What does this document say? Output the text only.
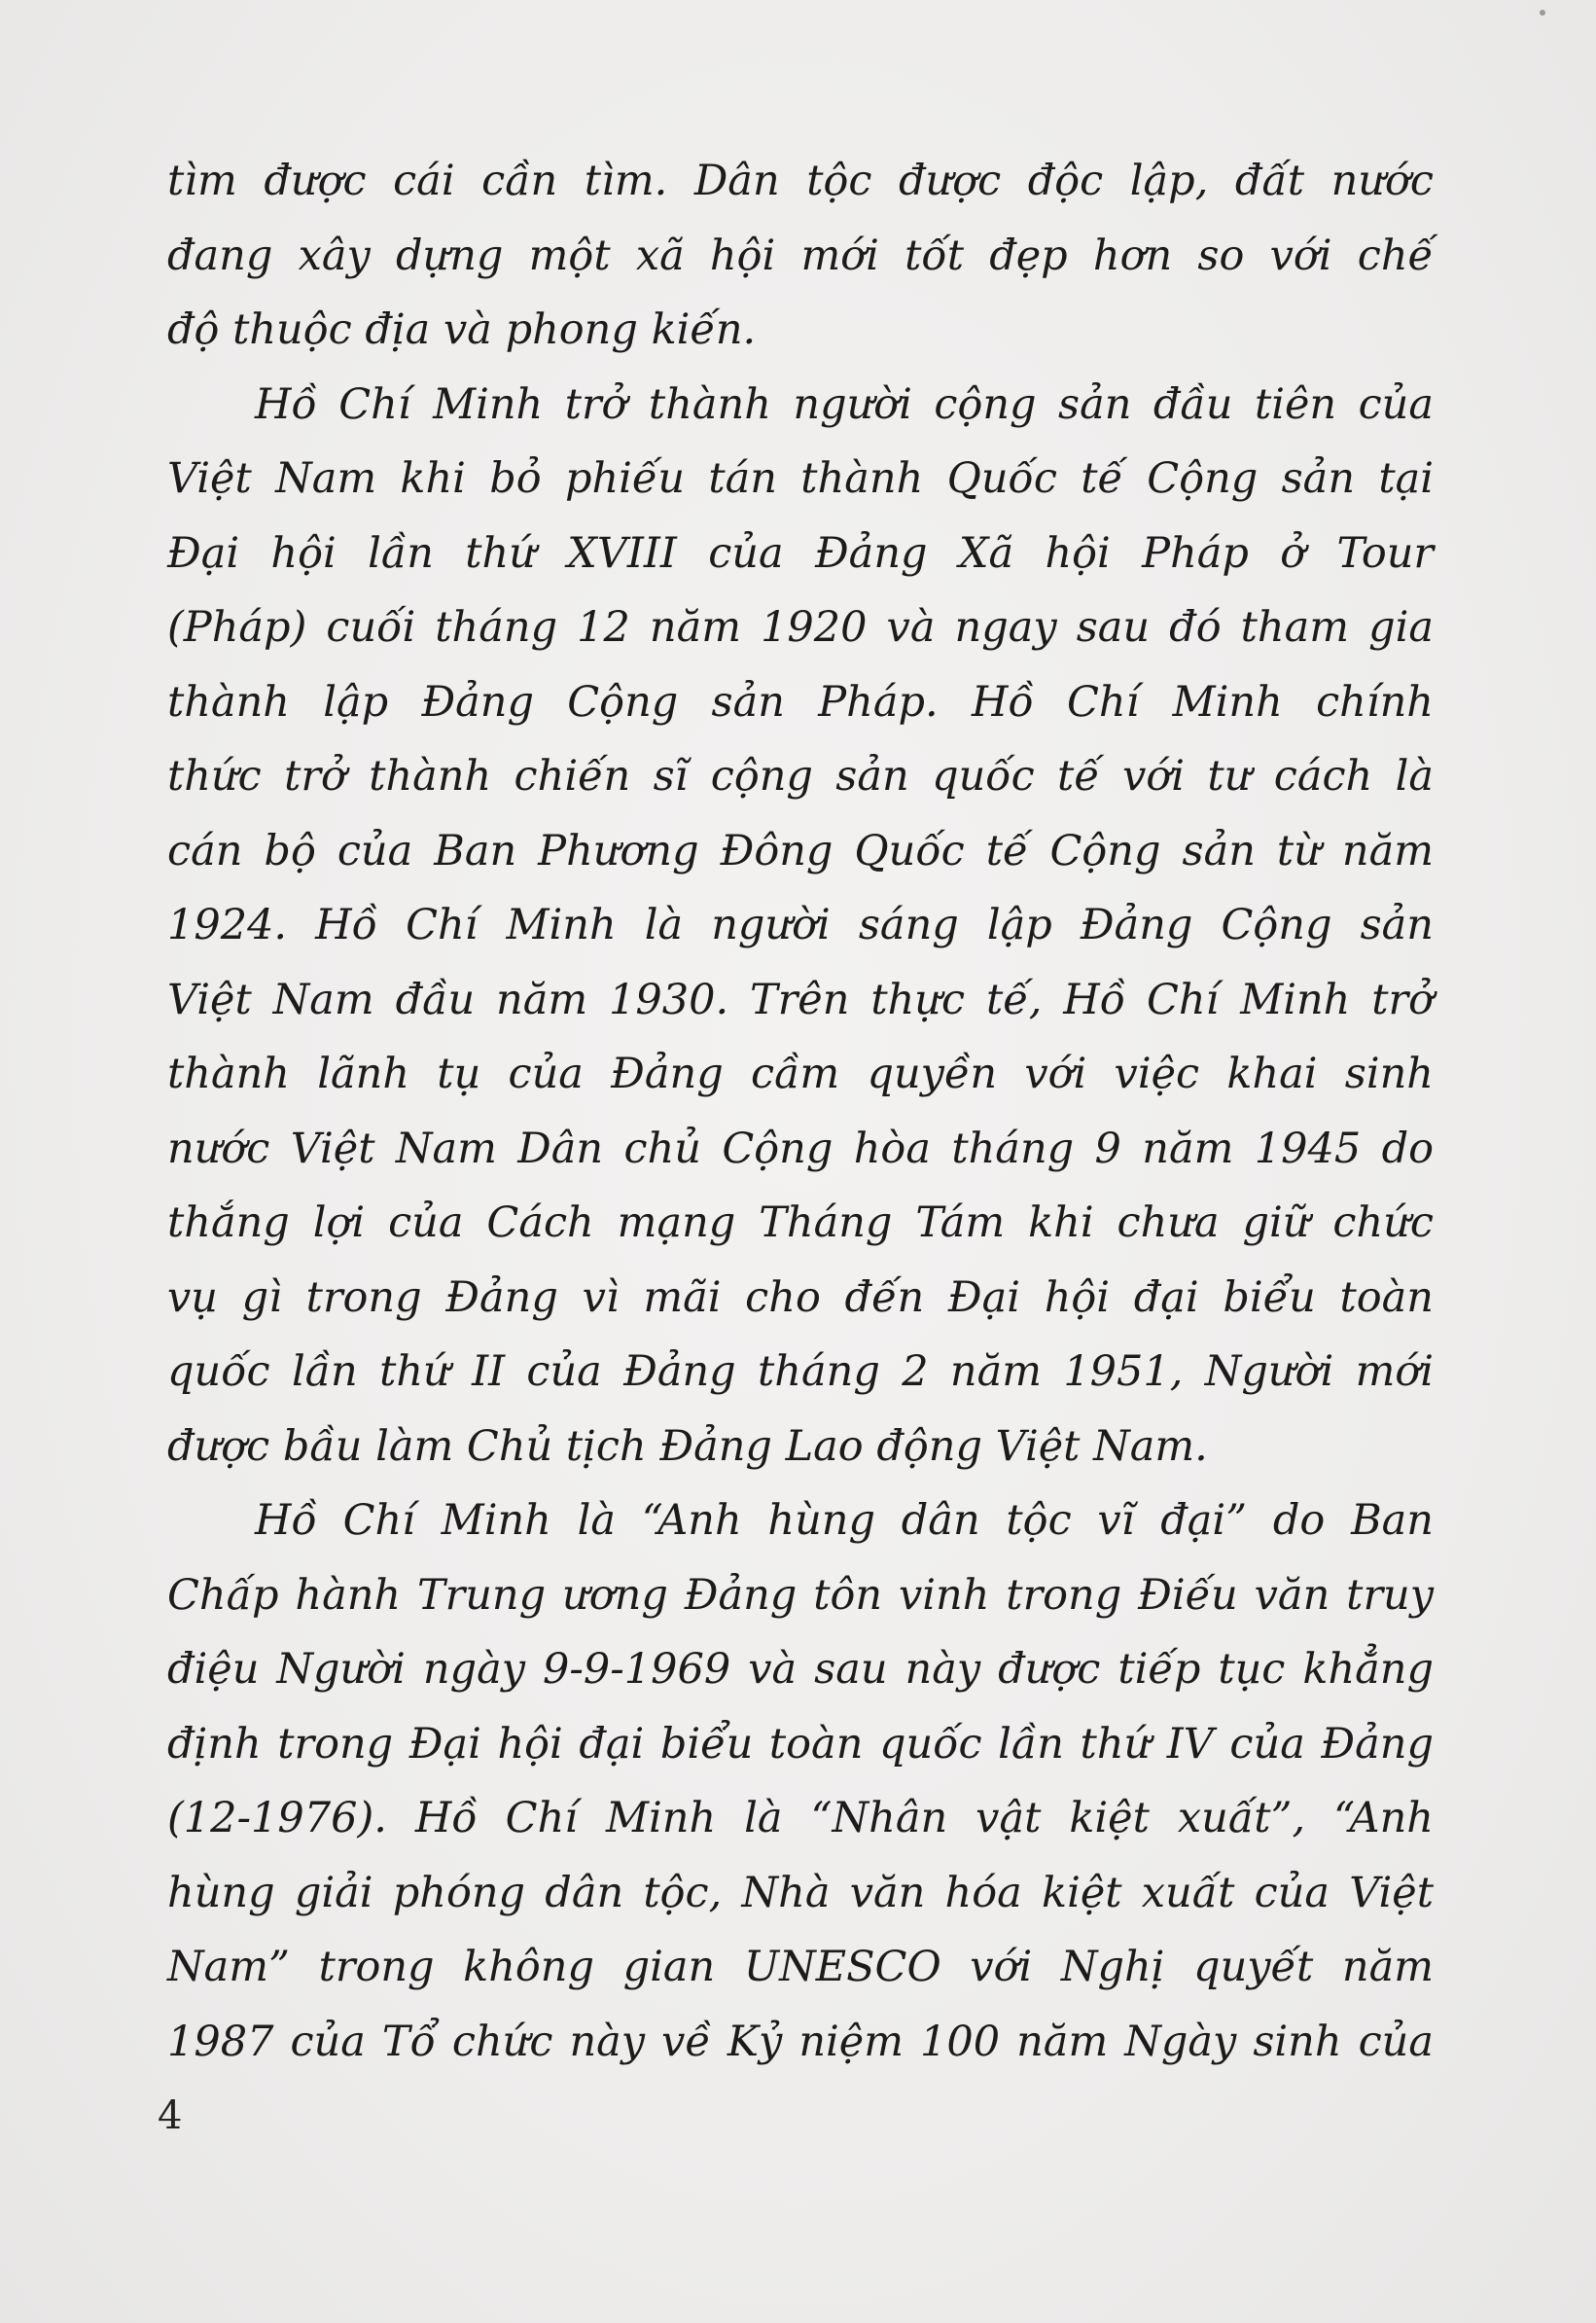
tìm được cái cần tìm. Dân tộc được độc lập, đất nước
đang xây dựng một xã hội mới tốt đẹp hơn so với chế
độ thuộc địa và phong kiến.

Hồ Chí Minh trở thành người cộng sản đầu tiên của
Việt Nam khi bỏ phiếu tán thành Quốc tế Cộng sản tại
Đại hội lần thứ XVIII của Đảng Xã hội Pháp ở Tour
(Pháp) cuối tháng 12 năm 1920 và ngay sau đó tham gia
thành lập Đảng Cộng sản Pháp. Hồ Chí Minh chính
thức trở thành chiến sĩ cộng sản quốc tế với tư cách là
cán bộ của Ban Phương Đông Quốc tế Cộng sản từ năm
1924. Hồ Chí Minh là người sáng lập Đảng Cộng sản
Việt Nam đầu năm 1930. Trên thực tế, Hồ Chí Minh trở
thành lãnh tụ của Đảng cầm quyền với việc khai sinh
nước Việt Nam Dân chủ Cộng hòa tháng 9 năm 1945 do
thắng lợi của Cách mạng Tháng Tám khi chưa giữ chức
vụ gì trong Đảng vì mãi cho đến Đại hội đại biểu toàn
quốc lần thứ II của Đảng tháng 2 năm 1951, Người mới
được bầu làm Chủ tịch Đảng Lao động Việt Nam.

Hồ Chí Minh là “Anh hùng dân tộc vĩ đại” do Ban
Chấp hành Trung ương Đảng tôn vinh trong Điếu văn truy
điệu Người ngày 9-9-1969 và sau này được tiếp tục khẳng
định trong Đại hội đại biểu toàn quốc lần thứ IV của Đảng
(12-1976). Hồ Chí Minh là “Nhân vật kiệt xuất”, “Anh
hùng giải phóng dân tộc, Nhà văn hóa kiệt xuất của Việt
Nam” trong không gian UNESCO với Nghị quyết năm
1987 của Tổ chức này về Kỷ niệm 100 năm Ngày sinh của

4
